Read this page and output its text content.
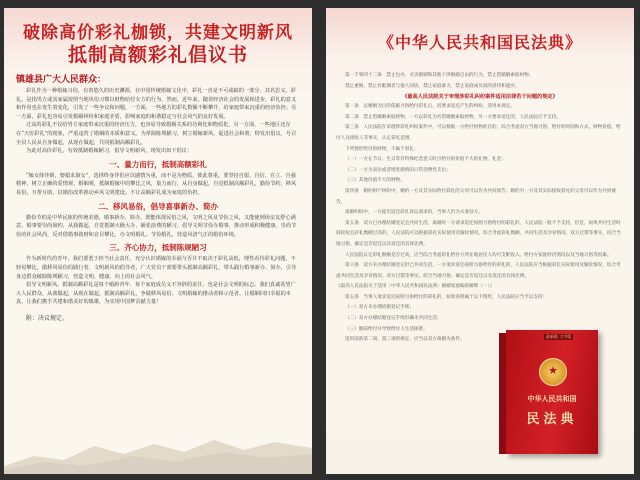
破除高价彩礼枷锁，共建文明新风
抵制高额彩礼倡议书
镇雄县广大人民群众：

彩礼作为一种婚嫁习俗，有着悠久的历史渊源，在中国传统婚嫁文化中，彩礼一直是不可或缺的一部分，其名思义，彩礼，是指男方或其家属按照当地风俗习惯以财物给付女方的行为，然而，近年来，随着经济社会的发展和进步，彩礼的意义和作用也在发生着变化，引发了一些争议和问题，一方面，一些地方的彩礼数额不断攀升，给家庭带来沉重的经济负担；另一方面，彩礼也容易引发婚姻纠纷和家庭矛盾，影响家庭的和谐稳定与社会风气的良好发展。

过高的彩礼不仅给男方家庭带来沉重的经济压力，也容易导致婚姻关系的功利化和物质化，另一方面，一些地区还存在“天价彩礼”的现象，严重违背了婚姻的本质和意义。为革除陈规陋习，树立婚嫁新风，促进社会和谐，特发出倡议，号召全县人民从自身做起，从现在做起，共同抵制高额彩礼。

为此对高价彩礼，有效抵制婚嫁陋习，倡导文明新风，现发出如下倡议：

一、量力而行，抵制高额彩礼

“嫁女择佳婿，娶媳求淑女”，选择终身伴侣应以感情为重，而不是为物质，彼此尊重，要坚持自愿、自信、自立、自强精神，树立正确的爱情观、婚姻观，抵制婚嫁中的攀比之风，量力而行，从自身做起，自觉抵制高额彩礼，勤俭节约，移风易俗，互帮互助，以婚俗改革推动乡风文明建设，不让高额彩礼成为家庭的负担。

二、移风易俗，倡导喜事新办、简办

勤俭节约是中华民族的传统美德，婚事新办、简办，既能体现民俗之风，文明之风及节俭之风，又能使到场亲友舒心满意。婚事要崇尚简约，从我做起，自觉抵制大操大办、铺张浪费的陋习，倡导文明节俭办婚事，推动形成积极健康、崇尚节俭的社会风尚，反对借婚事敛财和盲目攀比，办文明婚礼、节俭婚礼，营造风清气正的婚俗环境。

三、齐心协力，抵制陈规陋习

作为新时代的青年，我们要勇于担当社会责任，充分认识婚嫁的幸福与否并不取决于彩礼高低，理性看待彩礼问题，不轻易攀比，做移风易俗的践行者、文明新风的倡导者，广大党员干部要带头抵制高额彩礼，带头践行婚事新办、简办，引导身边群众破除陈规陋习，营造文明、健康、向上的社会风气。

倡导文明新风，抵制高额彩礼是每个婚龄青年、每个家庭成员义不容辞的责任，也是社会文明的标志。我们真诚希望广大人民群众，从我做起，从现在做起，抵制高额彩礼，争做移风易俗、文明婚嫁的推动者和示范者，让婚姻回归幸福的本真，让我们携手共建和谐美好的镇雄，为实现中国梦贡献力量！

附：决议规定。
《中华人民共和国民法典》

第一千零四十二条　禁止包办、买卖婚姻和其他干涉婚姻自由的行为，禁止借婚姻索取财物。

禁止重婚，禁止有配偶者与他人同居。禁止家庭暴力，禁止家庭成员间的虐待和遗弃。

《最高人民法院关于审理涉彩礼纠纷案件适用法律若干问题的规定》

第一条　以婚姻为目的依据习俗给付彩礼后，因要求返还产生的纠纷，适用本规定。

第二条　禁止借婚姻索取财物，一方以彩礼为名借婚姻索取财物，另一方要求返还的，人民法院应予支持。

第三条　人民法院在审理涉彩礼纠纷案件中，可以根据一方给付财物的目的，综合考虑双方当地习俗、给付的时间和方式、财物价值、给付人及接收人等事实，认定彩礼范围。

下列情形给付的财物，不属于彩礼：

（一）一方在节日、生日等有特殊纪念意义时点给付的价值不大的礼物、礼金；

（二）一方为表达或者增进感情的日常消费性支出；

（三）其他价值不大的财物。

第四条　婚约财产纠纷中，婚约一方及其实际给付彩礼的父母可以作为共同原告；婚约另一方及其实际接收彩礼的父母可以作为共同被告。

离婚纠纷中，一方提出返还彩礼诉讼请求的，当事人仍为夫妻双方。

第五条　双方已办理结婚登记且共同生活，离婚时一方请求返还按照习俗给付的彩礼的，人民法院一般不予支持，但是，如果共同生活时间较短且彩礼数额过高的，人民法院可以根据彩礼实际使用及嫁妆情况，综合考虑彩礼数额、共同生活及孕育情况、双方过错等事实，结合当地习俗，确定是否返还以及返还的具体比例。

人民法院认定彩礼数额是否过高，应当综合考虑彩礼给付方所在地居民人均可支配收入、给付方家庭经济情况以及当地习俗等因素。

第六条　双方未办理结婚登记但已共同生活，一方请求返还按照习俗给付的彩礼的，人民法院应当根据彩礼实际使用及嫁妆情况，综合考虑共同生活及孕育情况、双方过错等事实，结合当地习俗，确定是否返还以及返还的具体比例。

《最高人民法院关于适用〈中华人民共和国民法典〉婚姻家庭编的解释（一）》

第五条　当事人请求返还按照习俗给付的彩礼的，如果查明属于以下情形，人民法院应当予以支持：

（一）双方未办理结婚登记手续；

（二）双方办理结婚登记手续但确未共同生活；

（三）婚前给付并导致给付人生活困难。

适用前款第二项、第三项的规定，应当以双方离婚为条件。

最新版 大字版
★
中华人民共和国
民法典
